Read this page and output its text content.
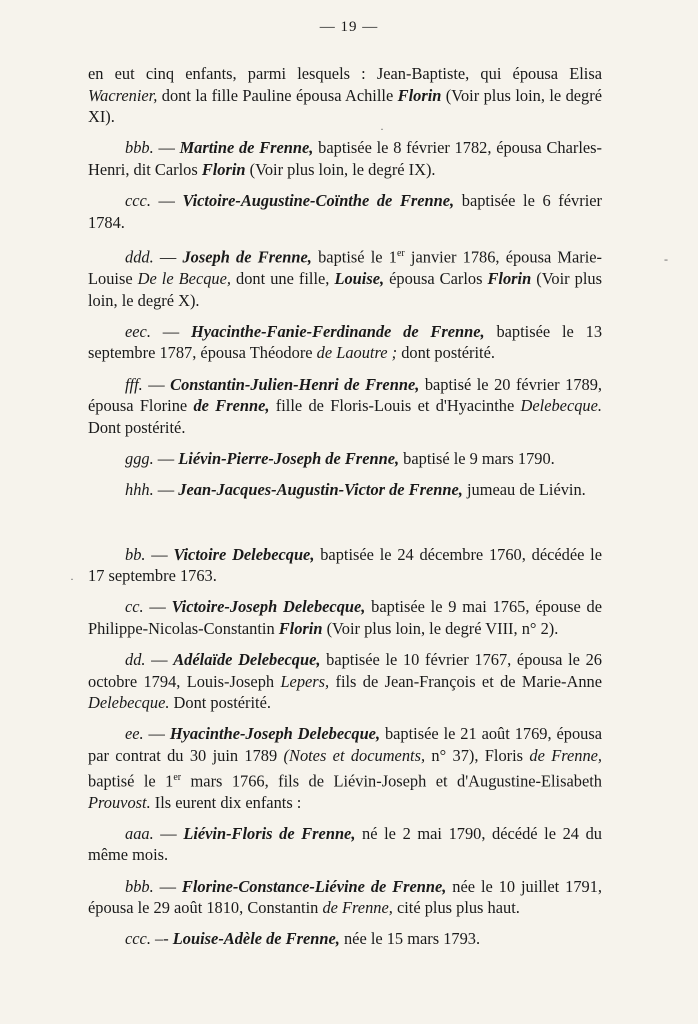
— 19 —

en eut cinq enfants, parmi lesquels : Jean-Baptiste, qui épousa Elisa Wacrenier, dont la fille Pauline épousa Achille Florin (Voir plus loin, le degré XI).

bbb. — Martine de Frenne, baptisée le 8 février 1782, épousa Charles-Henri, dit Carlos Florin (Voir plus loin, le degré IX).

ccc. — Victoire-Augustine-Coïnthe de Frenne, baptisée le 6 février 1784.

ddd. — Joseph de Frenne, baptisé le 1er janvier 1786, épousa Marie-Louise De le Becque, dont une fille, Louise, épousa Carlos Florin (Voir plus loin, le degré X).

eec. — Hyacinthe-Fanie-Ferdinande de Frenne, baptisée le 13 septembre 1787, épousa Théodore de Laoutre ; dont postérité.

fff. — Constantin-Julien-Henri de Frenne, baptisé le 20 février 1789, épousa Florine de Frenne, fille de Floris-Louis et d'Hyacinthe Delebecque. Dont postérité.

ggg. — Liévin-Pierre-Joseph de Frenne, baptisé le 9 mars 1790.

hhh. — Jean-Jacques-Augustin-Victor de Frenne, jumeau de Liévin.

bb. — Victoire Delebecque, baptisée le 24 décembre 1760, décédée le 17 septembre 1763.

cc. — Victoire-Joseph Delebecque, baptisée le 9 mai 1765, épouse de Philippe-Nicolas-Constantin Florin (Voir plus loin, le degré VIII, n° 2).

dd. — Adélaïde Delebecque, baptisée le 10 février 1767, épousa le 26 octobre 1794, Louis-Joseph Lepers, fils de Jean-François et de Marie-Anne Delebecque. Dont postérité.

ee. — Hyacinthe-Joseph Delebecque, baptisée le 21 août 1769, épousa par contrat du 30 juin 1789 (Notes et documents, n° 37), Floris de Frenne, baptisé le 1er mars 1766, fils de Liévin-Joseph et d'Augustine-Elisabeth Prouvost. Ils eurent dix enfants :

aaa. — Liévin-Floris de Frenne, né le 2 mai 1790, décédé le 24 du même mois.

bbb. — Florine-Constance-Liévine de Frenne, née le 10 juillet 1791, épousa le 29 août 1810, Constantin de Frenne, cité plus plus haut.

ccc. –- Louise-Adèle de Frenne, née le 15 mars 1793.

·
-
·
